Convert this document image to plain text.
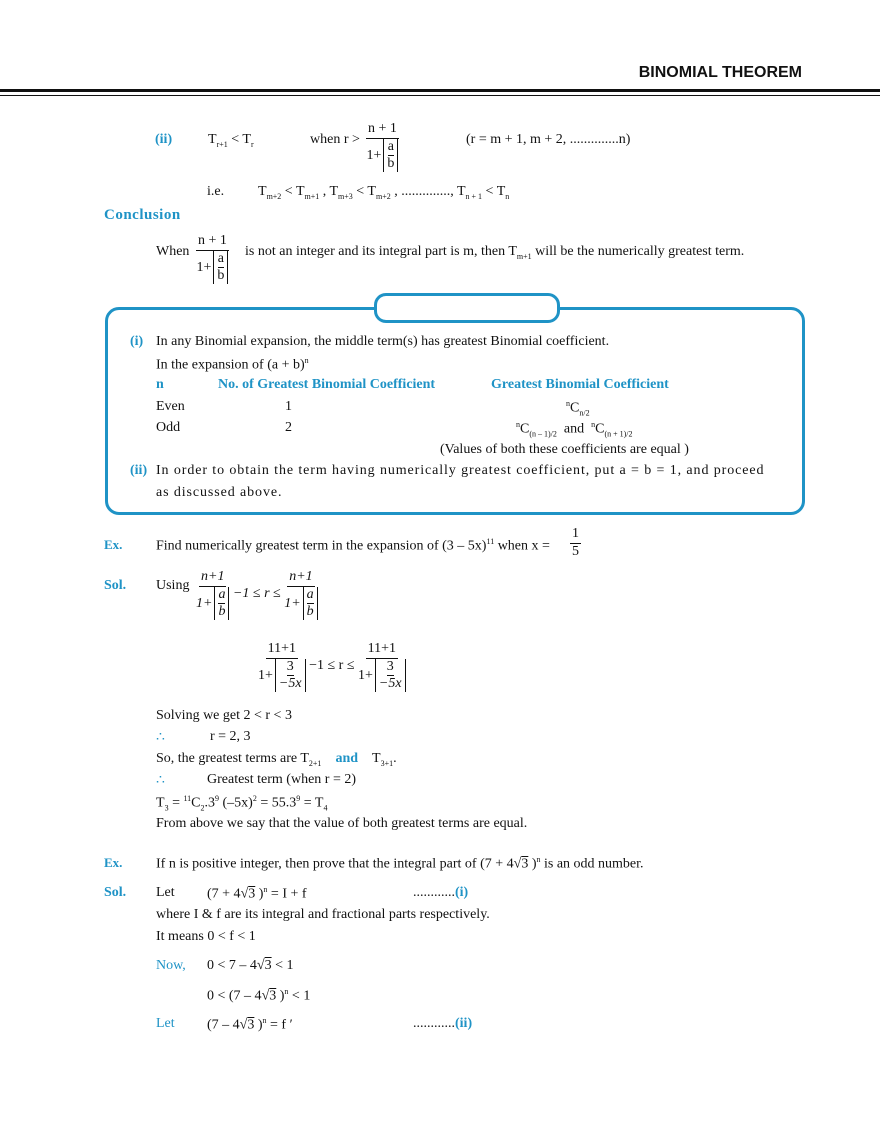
BINOMIAL THEOREM
(ii)	$T_{r+1} < T_r$	when $r > \frac{n + 1}{1+ \frac{a}{b}}$	(r = m + 1, m + 2, ..............n)
i.e. $T_{m+2} < T_{m+1}$ , $T_{m+3} < T_{m+2}$ , .............., $T_{n + 1} < T_n$
Conclusion
When $\frac{n + 1}{1+ \frac{a}{b}}$ is not an integer and its integral part is m, then $T_{m+1}$ will be the numerically greatest term.
(i) In any Binomial expansion, the middle term(s) has greatest Binomial coefficient.
In the expansion of $(a + b)^n$
n	No. of Greatest Binomial Coefficient	Greatest Binomial Coefficient
Even	1	$^nC_{n/2}$
Odd	2	$^nC_{(n - 1)/2}$ and $^nC_{(n + 1)/2}$
(Values of both these coefficients are equal )
(ii) In order to obtain the term having numerically greatest coefficient, put a = b = 1, and proceed
as discussed above.
Ex. Find numerically greatest term in the expansion of (3 – 5x)$^{11}$ when $x = \frac{1}{5}$
Sol. Using $\frac{n+1}{1+ \frac{a}{b}} -1 \le r \le \frac{n+1}{1+ \frac{a}{b}}$
$\frac{11+1}{1+ \frac{3}{-5x}} -1 \le r \le \frac{11+1}{1+ \frac{3}{-5x}}$
Solving we get 2 < r < 3
∴	r = 2, 3
So, the greatest terms are $T_{2+1}$ and $T_{3+1}$.
∴	Greatest term (when r = 2)
$T_3 = ^{11}C_2.3^9$ $(-5x)^2 = 55.3^9 = T_4$
From above we say that the value of both greatest terms are equal.
Ex. If n is positive integer, then prove that the integral part of (7 + 4√3 )$^n$ is an odd number.
Sol. Let (7 + 4√3 )$^n$ = I + f	............(i)
where I & f are its integral and fractional parts respectively.
It means 0 < f < 1
Now, 0 < 7 – 4√3 < 1
0 < (7 – 4√3 )$^n$ < 1
Let (7 – 4√3 )$^n$ = f ′	............(ii)
